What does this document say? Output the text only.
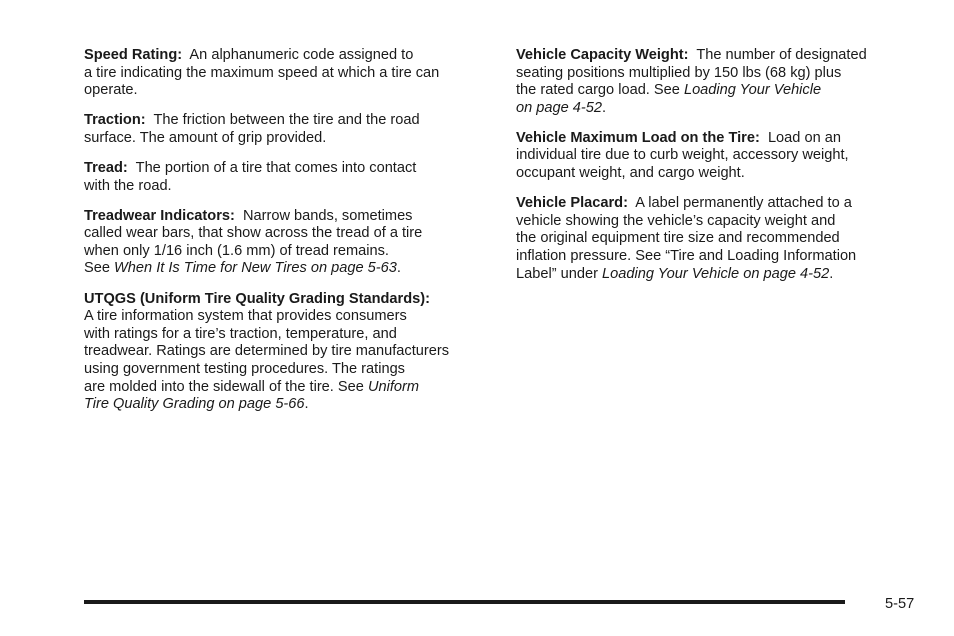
Speed Rating: An alphanumeric code assigned to
a tire indicating the maximum speed at which a tire can
operate.

Traction: The friction between the tire and the road
surface. The amount of grip provided.

Tread: The portion of a tire that comes into contact
with the road.

Treadwear Indicators: Narrow bands, sometimes
called wear bars, that show across the tread of a tire
when only 1/16 inch (1.6 mm) of tread remains.
See When It Is Time for New Tires on page 5-63.

UTQGS (Uniform Tire Quality Grading Standards):
A tire information system that provides consumers
with ratings for a tire’s traction, temperature, and
treadwear. Ratings are determined by tire manufacturers
using government testing procedures. The ratings
are molded into the sidewall of the tire. See Uniform
Tire Quality Grading on page 5-66.

Vehicle Capacity Weight: The number of designated
seating positions multiplied by 150 lbs (68 kg) plus
the rated cargo load. See Loading Your Vehicle
on page 4-52.

Vehicle Maximum Load on the Tire: Load on an
individual tire due to curb weight, accessory weight,
occupant weight, and cargo weight.

Vehicle Placard: A label permanently attached to a
vehicle showing the vehicle’s capacity weight and
the original equipment tire size and recommended
inflation pressure. See “Tire and Loading Information
Label” under Loading Your Vehicle on page 4-52.

5-57
